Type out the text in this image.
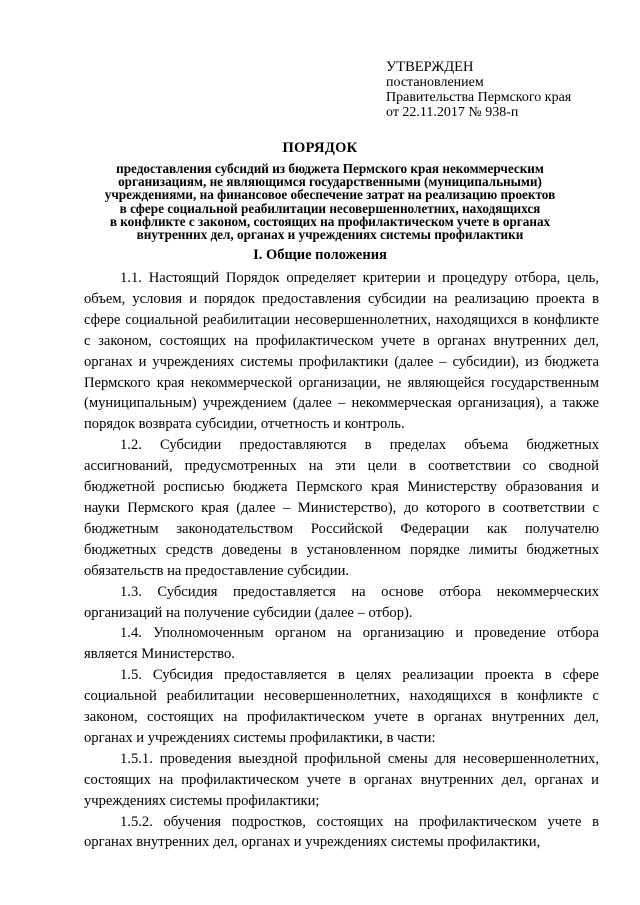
УТВЕРЖДЕН
постановлением
Правительства Пермского края
от 22.11.2017 № 938-п
ПОРЯДОК
предоставления субсидий из бюджета Пермского края некоммерческим
организациям, не являющимся государственными (муниципальными)
учреждениями, на финансовое обеспечение затрат на реализацию проектов
в сфере социальной реабилитации несовершеннолетних, находящихся
в конфликте с законом, состоящих на профилактическом учете в органах
внутренних дел, органах и учреждениях системы профилактики
I. Общие положения

1.1. Настоящий Порядок определяет критерии и процедуру отбора, цель, объем, условия и порядок предоставления субсидии на реализацию проекта в сфере социальной реабилитации несовершеннолетних, находящихся в конфликте с законом, состоящих на профилактическом учете в органах внутренних дел, органах и учреждениях системы профилактики (далее – субсидии), из бюджета Пермского края некоммерческой организации, не являющейся государственным (муниципальным) учреждением (далее – некоммерческая организация), а также порядок возврата субсидии, отчетность и контроль.

1.2. Субсидии предоставляются в пределах объема бюджетных ассигнований, предусмотренных на эти цели в соответствии со сводной бюджетной росписью бюджета Пермского края Министерству образования и науки Пермского края (далее – Министерство), до которого в соответствии с бюджетным законодательством Российской Федерации как получателю бюджетных средств доведены в установленном порядке лимиты бюджетных обязательств на предоставление субсидии.

1.3. Субсидия предоставляется на основе отбора некоммерческих организаций на получение субсидии (далее – отбор).

1.4. Уполномоченным органом на организацию и проведение отбора является Министерство.

1.5. Субсидия предоставляется в целях реализации проекта в сфере социальной реабилитации несовершеннолетних, находящихся в конфликте с законом, состоящих на профилактическом учете в органах внутренних дел, органах и учреждениях системы профилактики, в части:

1.5.1. проведения выездной профильной смены для несовершеннолетних, состоящих на профилактическом учете в органах внутренних дел, органах и учреждениях системы профилактики;

1.5.2. обучения подростков, состоящих на профилактическом учете в органах внутренних дел, органах и учреждениях системы профилактики,
